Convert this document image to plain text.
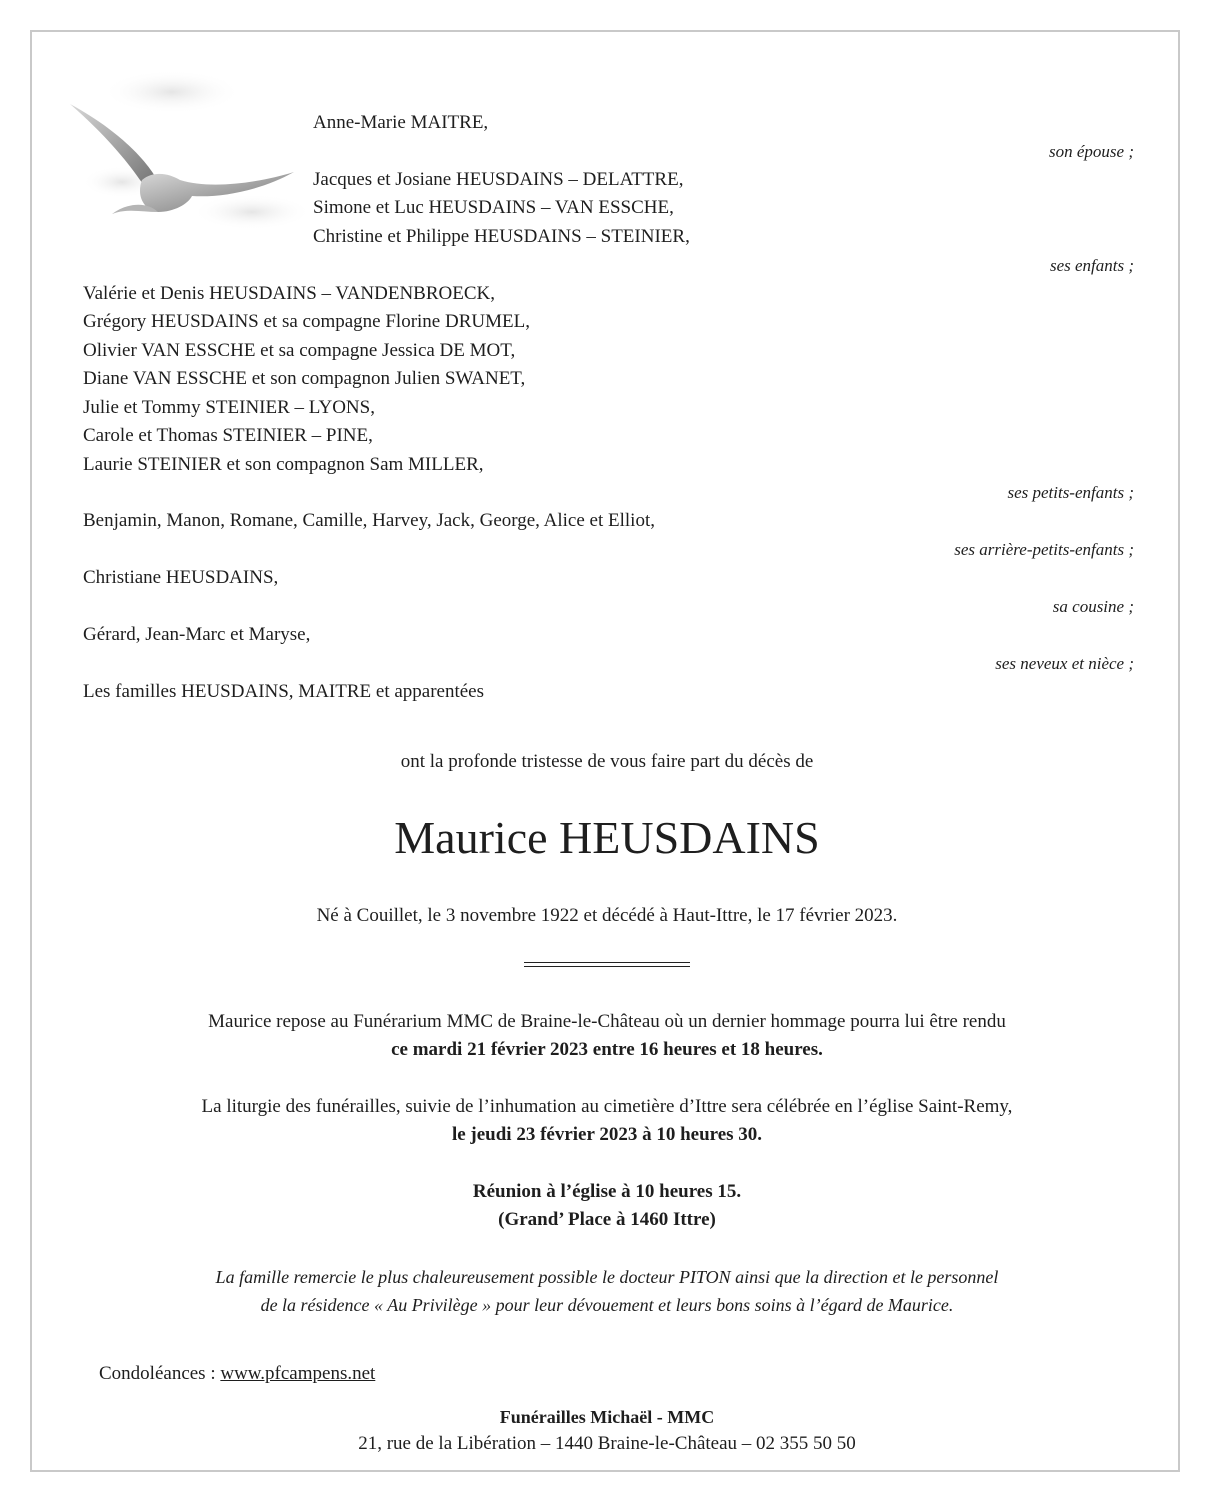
Anne-Marie MAITRE,
son épouse ;
Jacques et Josiane HEUSDAINS – DELATTRE,
Simone et Luc HEUSDAINS – VAN ESSCHE,
Christine et Philippe HEUSDAINS – STEINIER,
ses enfants ;
Valérie et Denis HEUSDAINS – VANDENBROECK,
Grégory HEUSDAINS et sa compagne Florine DRUMEL,
Olivier VAN ESSCHE et sa compagne Jessica DE MOT,
Diane VAN ESSCHE et son compagnon Julien SWANET,
Julie et Tommy STEINIER – LYONS,
Carole et Thomas STEINIER – PINE,
Laurie STEINIER et son compagnon Sam MILLER,
ses petits-enfants ;
Benjamin, Manon, Romane, Camille, Harvey, Jack, George, Alice et Elliot,
ses arrière-petits-enfants ;
Christiane HEUSDAINS,
sa cousine ;
Gérard, Jean-Marc et Maryse,
ses neveux et nièce ;
Les familles HEUSDAINS, MAITRE et apparentées
ont la profonde tristesse de vous faire part du décès de
Maurice HEUSDAINS
Né à Couillet, le 3 novembre 1922 et décédé à Haut-Ittre, le 17 février 2023.
Maurice repose au Funérarium MMC de Braine-le-Château où un dernier hommage pourra lui être rendu
ce mardi 21 février 2023 entre 16 heures et 18 heures.
La liturgie des funérailles, suivie de l’inhumation au cimetière d’Ittre sera célébrée en l’église Saint-Remy,
le jeudi 23 février 2023 à 10 heures 30.
Réunion à l’église à 10 heures 15.
(Grand’ Place à 1460 Ittre)
La famille remercie le plus chaleureusement possible le docteur PITON ainsi que la direction et le personnel
de la résidence « Au Privilège » pour leur dévouement et leurs bons soins à l’égard de Maurice.
Condoléances : www.pfcampens.net
Funérailles Michaël - MMC
21, rue de la Libération – 1440 Braine-le-Château – 02 355 50 50
